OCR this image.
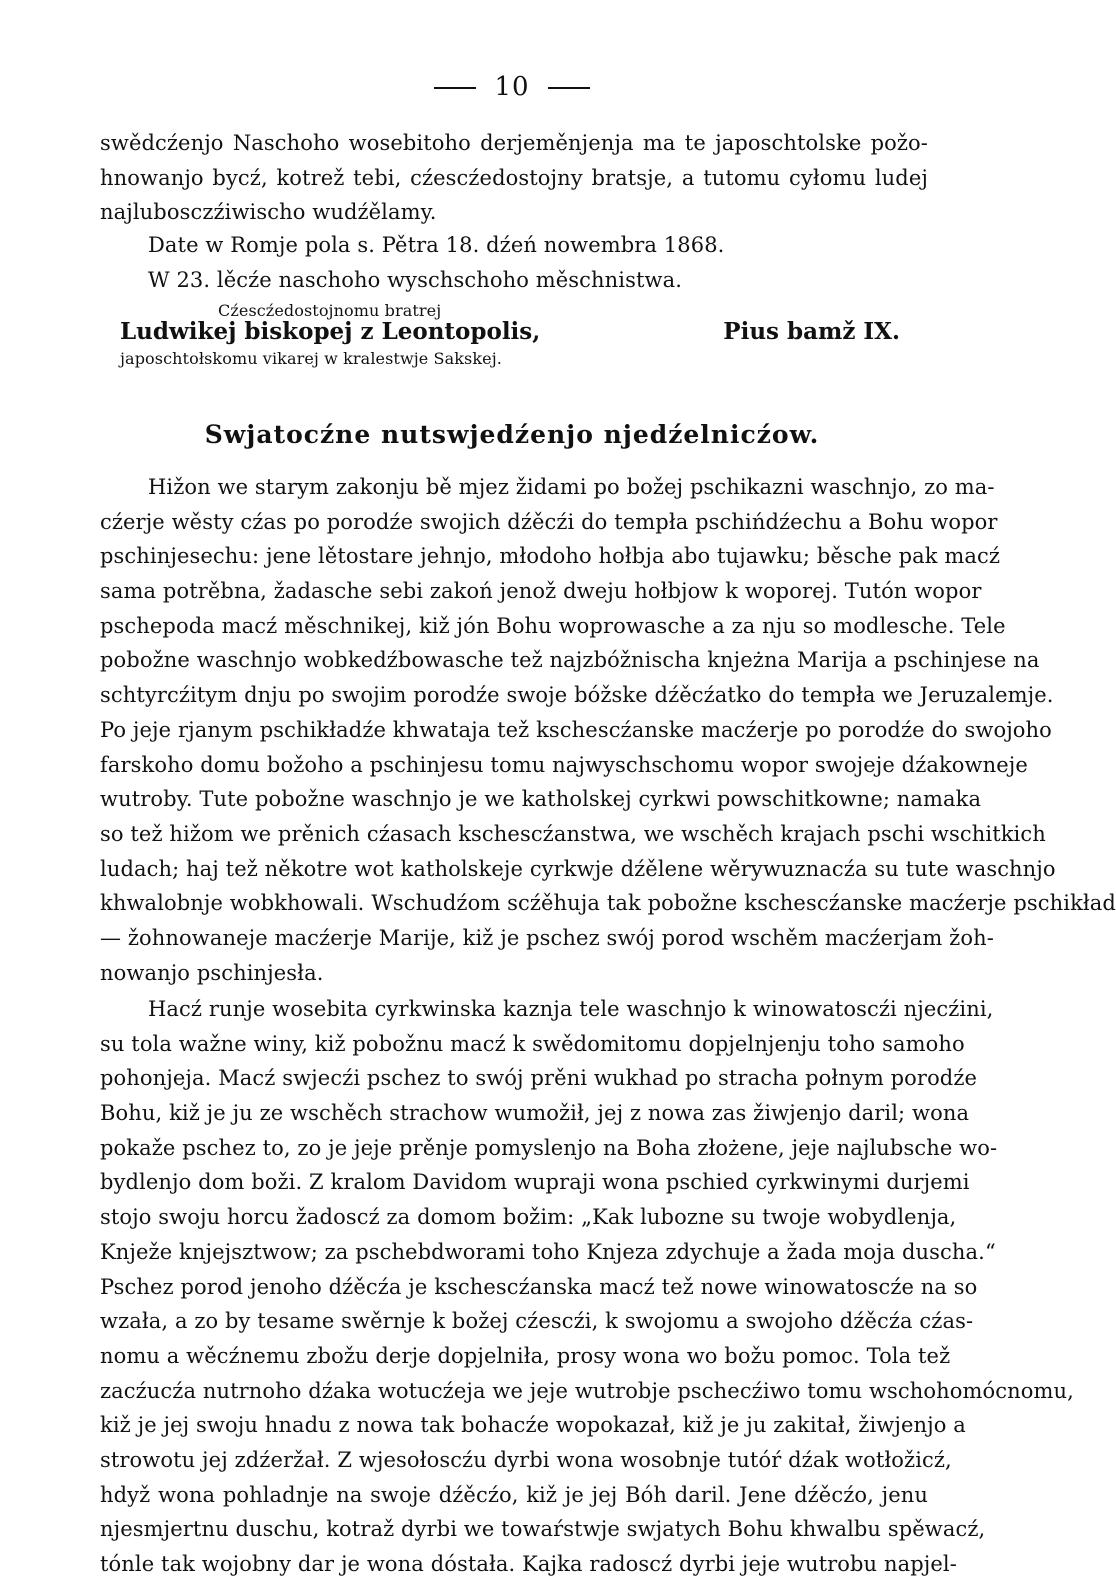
10
swědcźenjo Naschoho wosebitoho derjeměnjenja ma te japoschtolske požo-
hnowanjo bycź, kotrež tebi, cźescźedostojny bratsje, a tutomu cyłomu ludej
najlubosczźiwischo wudźělamy.
Date w Romje pola s. Pětra 18. dźeń nowembra 1868.
W 23. lěcźe naschoho wyschschoho měschnistwa.
Cźescźedostojnomu bratrej
Ludwikej biskopej z Leontopolis,	Pius bamž IX.
japoschtołskomu vikarej w kralestwje Sakskej.
Swjatocźne nutswjedźenjo njedźelnicźow.
Hižon we starym zakonju bě mjez židami po božej pschikazni waschnjo, zo ma-
cźerje wěsty cźas po porodźe swojich dźěcźi do tempła pschińdźechu a Bohu wopor
pschinjesechu: jene lětostare jehnjo, młodoho hołbja abo tujawku; běsche pak macź
sama potrěbna, žadasche sebi zakoń jenož dweju hołbjow k woporej. Tutón wopor
pschepoda macź měschnikej, kiž jón Bohu woprowasche a za nju so modlesche. Tele
pobožne waschnjo wobkedźbowasche tež najzbóžnischa knjeżna Marija a pschinjese na
schtyrcźitym dnju po swojim porodźe swoje bóžske dźěcźatko do tempła we Jeruzalemje.
Po jeje rjanym pschikładźe khwataja tež kschescźanske macźerje po porodźe do swojoho
farskoho domu božoho a pschinjesu tomu najwyschschomu wopor swojeje dźakowneje
wutroby. Tute pobožne waschnjo je we katholskej cyrkwi powschitkowne; namaka
so tež hižom we prěnich cźasach kschescźanstwa, we wschěch krajach pschi wschitkich
ludach; haj tež někotre wot katholskeje cyrkwje dźělene wěrywuznacźa su tute waschnjo
khwalobnje wobkhowali. Wschudźom scźěhuja tak pobožne kschescźanske macźerje pschikład
— žohnowaneje macźerje Marije, kiž je pschez swój porod wschěm macźerjam žoh-
nowanjo pschinjesła.
Hacź runje wosebita cyrkwinska kaznja tele waschnjo k winowatoscźi njecźini,
su tola wažne winy, kiž pobožnu macź k swědomitomu dopjelnjenju toho samoho
pohonjeja. Macź swjecźi pschez to swój prěni wukhad po stracha połnym porodźe
Bohu, kiž je ju ze wschěch strachow wumožił, jej z nowa zas žiwjenjo daril; wona
pokaže pschez to, zo je jeje prěnje pomyslenjo na Boha złożene, jeje najlubsche wo-
bydlenjo dom boži. Z kralom Davidom wupraji wona pschied cyrkwinymi durjemi
stojo swoju horcu žadoscź za domom božim: „Kak lubozne su twoje wobydlenja,
Knježe knjejsztwow; za pschebdworami toho Knjeza zdychuje a žada moja duscha.“
Pschez porod jenoho dźěcźa je kschescźanska macź tež nowe winowatoscźe na so
wzała, a zo by tesame swěrnje k božej cźescźi, k swojomu a swojoho dźěcźa cźas-
nomu a wěcźnemu zbožu derje dopjelniła, prosy wona wo božu pomoc. Tola tež
zacźucźa nutrnoho dźaka wotucźeja we jeje wutrobje pschecźiwo tomu wschohomócnomu,
kiž je jej swoju hnadu z nowa tak bohacźe wopokazał, kiž je ju zakitał, žiwjenjo a
strowotu jej zdźeržał. Z wjesołoscźu dyrbi wona wosobnje tutóŕ dźak wotłožicź,
hdyž wona pohladnje na swoje dźěcźo, kiž je jej Bóh daril. Jene dźěcźo, jenu
njesmjertnu duschu, kotraž dyrbi we towaŕstwje swjatych Bohu khwalbu spěwacź,
tónle tak wojobny dar je wona dóstała. Kajka radoscź dyrbi jeje wutrobu napjel-
